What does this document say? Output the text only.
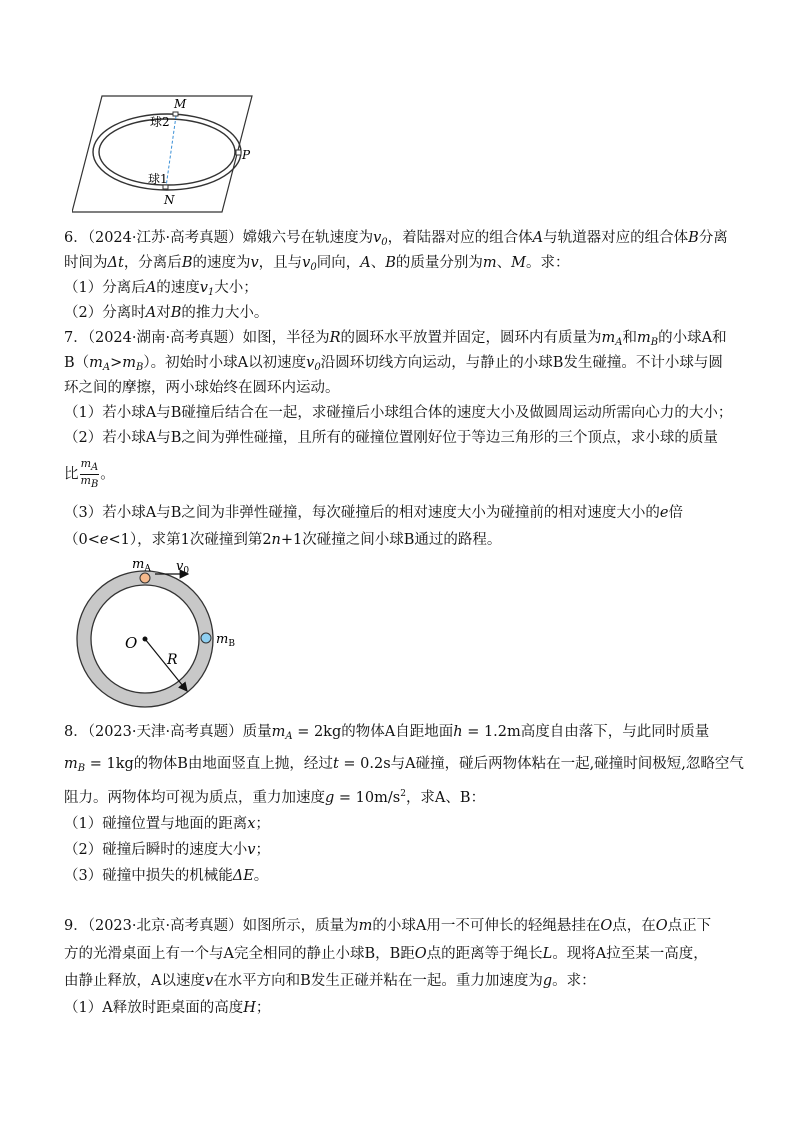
M
N
P
球2
球1
6．（2024·江苏·高考真题）嫦娥六号在轨速度为$v_0$，着陆器对应的组合体A与轨道器对应的组合体B分离
时间为Δt，分离后B的速度为v，且与$v_0$同向，A、B的质量分别为m、M。求：
（1）分离后A的速度$v_1$大小；
（2）分离时A对B的推力大小。
7．（2024·湖南·高考真题）如图，半径为R的圆环水平放置并固定，圆环内有质量为$m_A$和$m_B$的小球A和
$B(m_A>m_B)$。初始时小球A以初速度$v_0$沿圆环切线方向运动，与静止的小球B发生碰撞。不计小球与圆
环之间的摩擦，两小球始终在圆环内运动。
（1）若小球A与B碰撞后结合在一起，求碰撞后小球组合体的速度大小及做圆周运动所需向心力的大小；
（2）若小球A与B之间为弹性碰撞，且所有的碰撞位置刚好位于等边三角形的三个顶点，求小球的质量
比 $\frac{mA}{mB}$ 。
（3）若小球A与B之间为非弹性碰撞，每次碰撞后的相对速度大小为碰撞前的相对速度大小的e倍
（0<e<1），求第1次碰撞到第2n+1次碰撞之间小球B通过的路程。
$m_A$ $v_0$
O
R
$m_B$
8．（2023·天津·高考真题）质量$m_A = 2kg$的物体A自距地面h = 1.2m高度自由落下，与此同时质量
$m_B = 1kg$的物体B由地面竖直上抛，经过t = 0.2s与A碰撞，碰后两物体粘在一起,碰撞时间极短,忽略空气
阻力。两物体均可视为质点，重力加速度$g = 10m/s^2$，求A、B：
（1）碰撞位置与地面的距离x；
（2）碰撞后瞬时的速度大小v；
（3）碰撞中损失的机械能ΔE。
9．（2023·北京·高考真题）如图所示，质量为m的小球A用一不可伸长的轻绳悬挂在O点，在O点正下
方的光滑桌面上有一个与A完全相同的静止小球B，B距O点的距离等于绳长L。现将A拉至某一高度，
由静止释放，A以速度v在水平方向和B发生正碰并粘在一起。重力加速度为g。求：
（1）A释放时距桌面的高度H；
